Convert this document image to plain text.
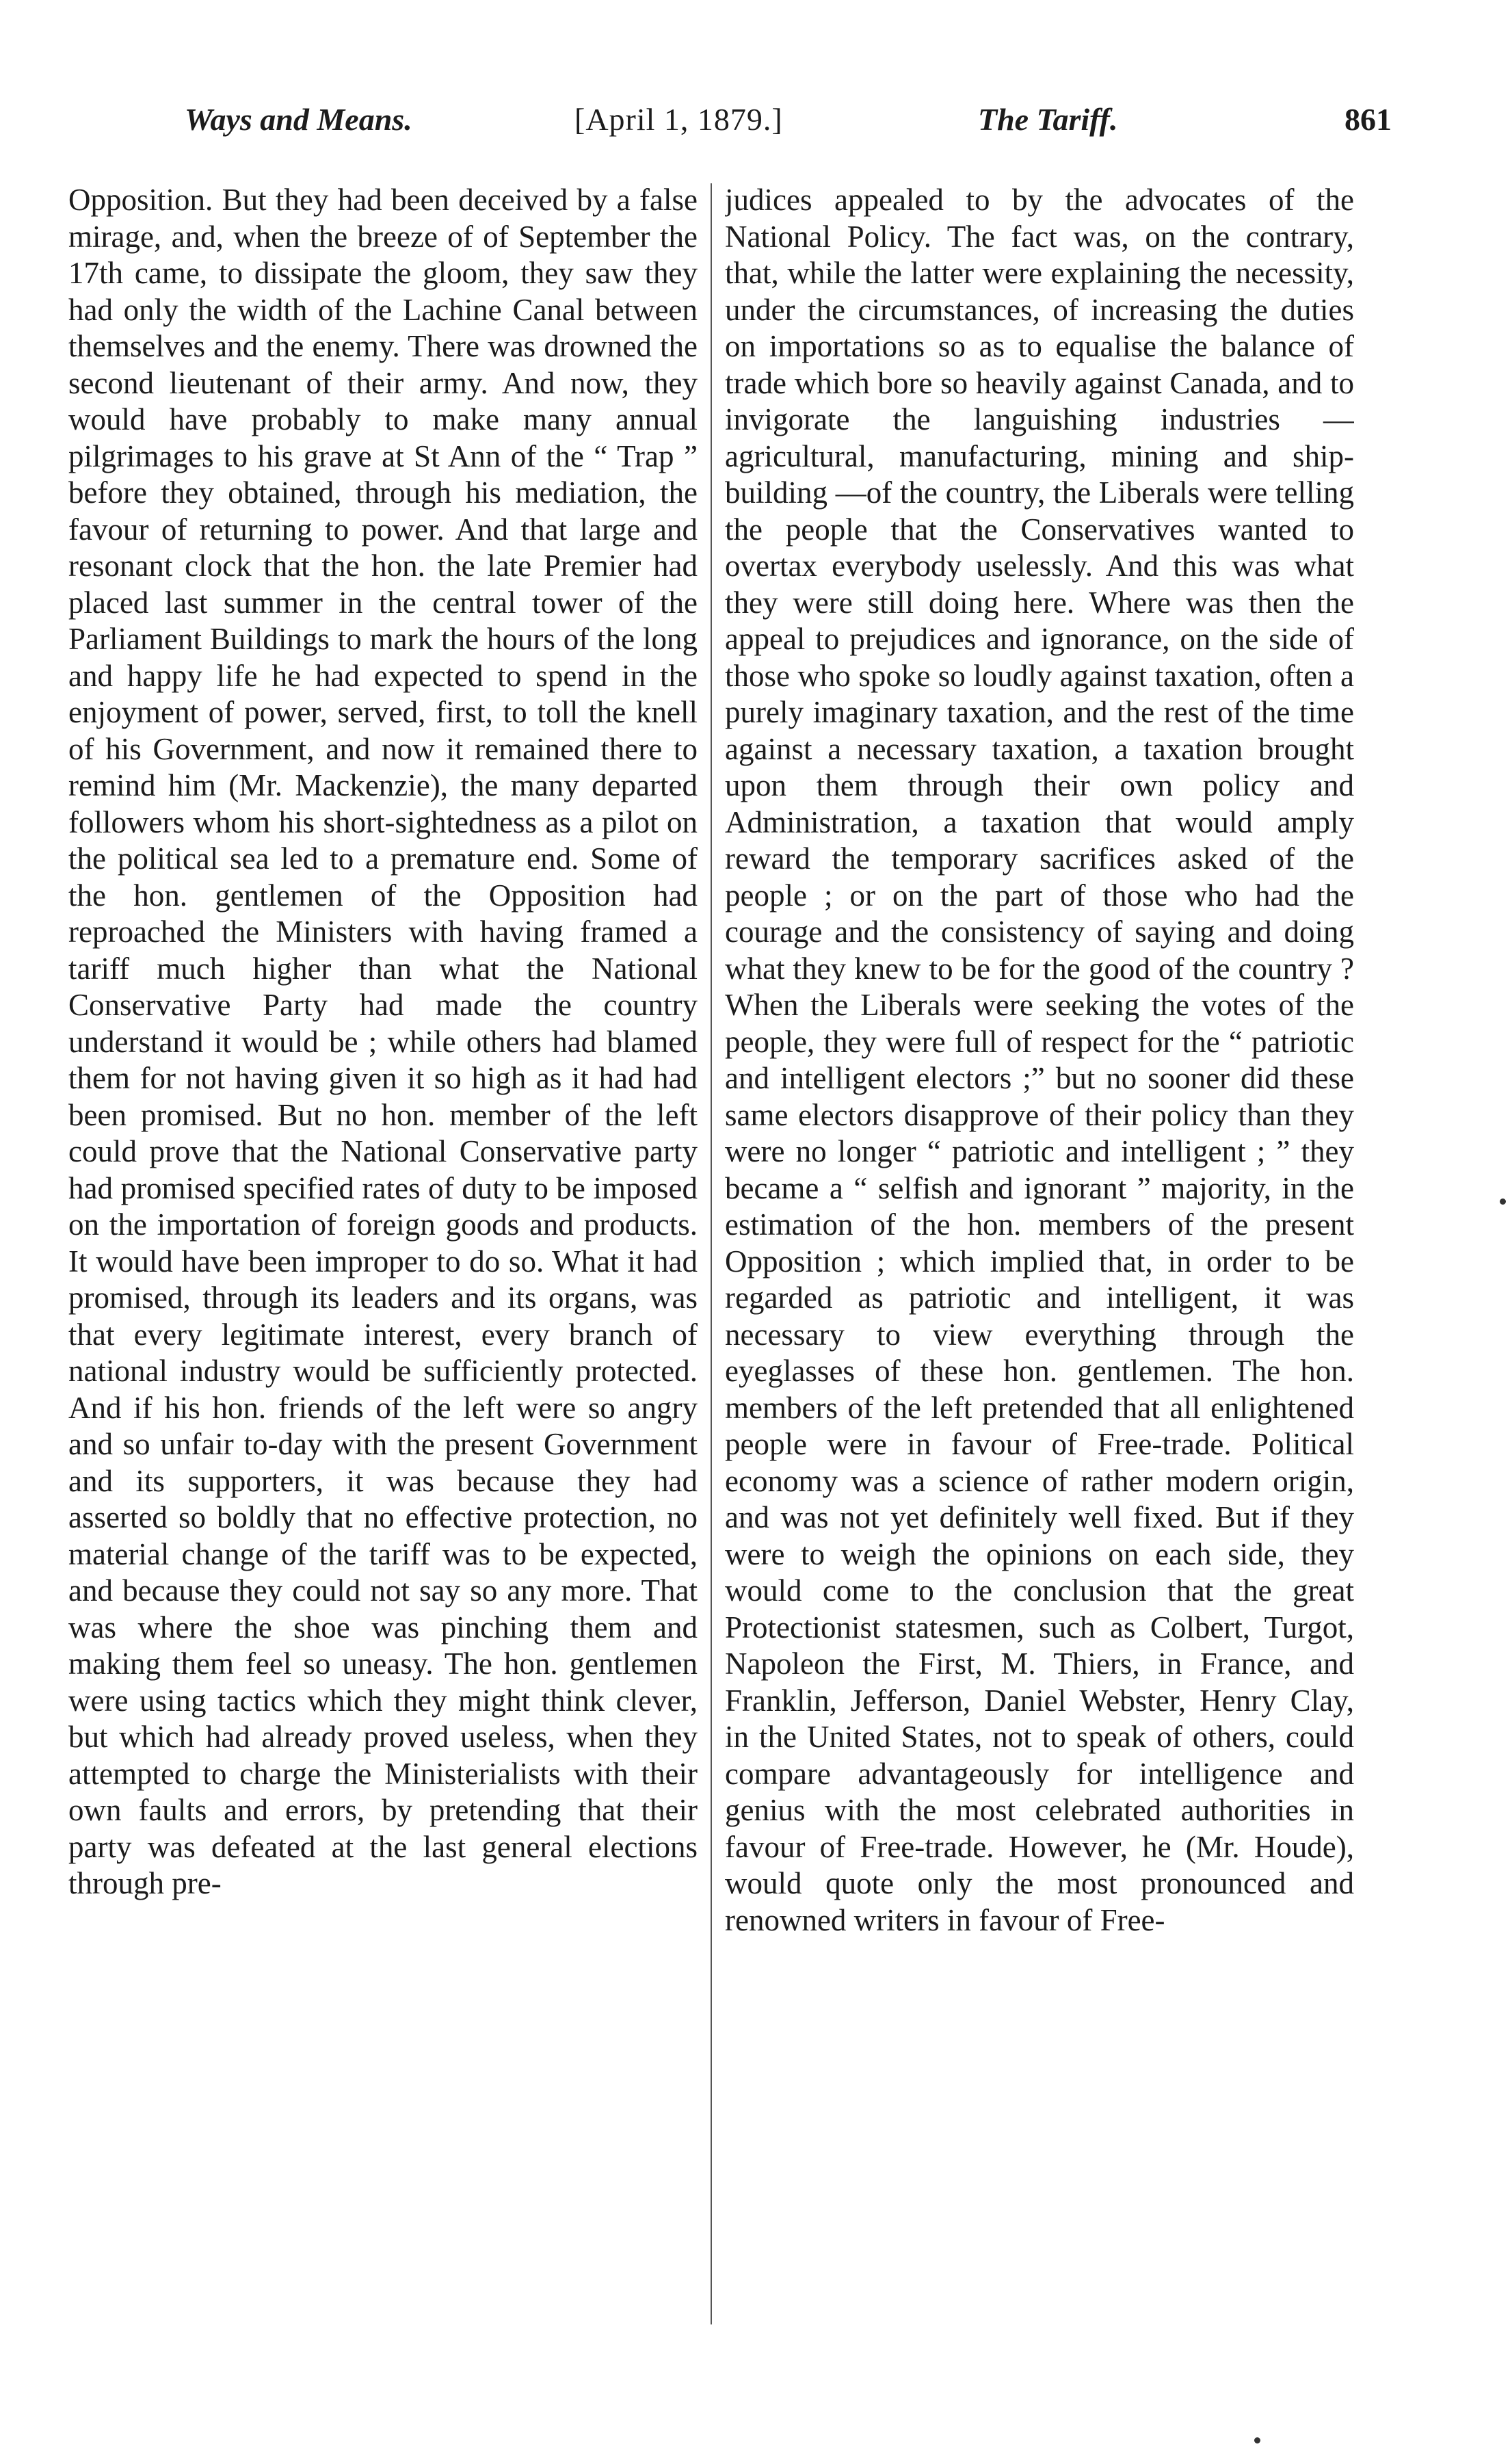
Ways and Means.	[April 1, 1879.]	The Tariff.	861
Opposition. But they had been deceived by a false mirage, and, when the breeze of of September the 17th came, to dissipate the gloom, they saw they had only the width of the Lachine Canal between themselves and the enemy. There was drowned the second lieutenant of their army. And now, they would have probably to make many annual pilgrimages to his grave at St Ann of the “ Trap ” before they obtained, through his mediation, the favour of returning to power. And that large and resonant clock that the hon. the late Premier had placed last summer in the central tower of the Parliament Buildings to mark the hours of the long and happy life he had expected to spend in the enjoyment of power, served, first, to toll the knell of his Government, and now it remained there to remind him (Mr. Mackenzie), the many departed followers whom his short-sightedness as a pilot on the political sea led to a premature end. Some of the hon. gentlemen of the Opposition had reproached the Ministers with having framed a tariff much higher than what the National Conservative Party had made the country understand it would be ; while others had blamed them for not having given it so high as it had had been promised. But no hon. member of the left could prove that the National Conservative party had promised specified rates of duty to be imposed on the importation of foreign goods and products. It would have been improper to do so. What it had promised, through its leaders and its organs, was that every legitimate interest, every branch of national industry would be sufficiently protected. And if his hon. friends of the left were so angry and so unfair to-day with the present Government and its supporters, it was because they had asserted so boldly that no effective protection, no material change of the tariff was to be expected, and because they could not say so any more. That was where the shoe was pinching them and making them feel so uneasy. The hon. gentlemen were using tactics which they might think clever, but which had already proved useless, when they attempted to charge the Ministerialists with their own faults and errors, by pretending that their party was defeated at the last general elections through pre-
judices appealed to by the advocates of the National Policy. The fact was, on the contrary, that, while the latter were explaining the necessity, under the circumstances, of increasing the duties on importations so as to equalise the balance of trade which bore so heavily against Canada, and to invigorate the languishing industries — agricultural, manufacturing, mining and ship-building —of the country, the Liberals were telling the people that the Conservatives wanted to overtax everybody uselessly. And this was what they were still doing here. Where was then the appeal to prejudices and ignorance, on the side of those who spoke so loudly against taxation, often a purely imaginary taxation, and the rest of the time against a necessary taxation, a taxation brought upon them through their own policy and Administration, a taxation that would amply reward the temporary sacrifices asked of the people ; or on the part of those who had the courage and the consistency of saying and doing what they knew to be for the good of the country ? When the Liberals were seeking the votes of the people, they were full of respect for the “ patriotic and intelligent electors ;” but no sooner did these same electors disapprove of their policy than they were no longer “ patriotic and intelligent ; ” they became a “ selfish and ignorant ” majority, in the estimation of the hon. members of the present Opposition ; which implied that, in order to be regarded as patriotic and intelligent, it was necessary to view everything through the eyeglasses of these hon. gentlemen. The hon. members of the left pretended that all enlightened people were in favour of Free-trade. Political economy was a science of rather modern origin, and was not yet definitely well fixed. But if they were to weigh the opinions on each side, they would come to the conclusion that the great Protectionist statesmen, such as Colbert, Turgot, Napoleon the First, M. Thiers, in France, and Franklin, Jefferson, Daniel Webster, Henry Clay, in the United States, not to speak of others, could compare advantageously for intelligence and genius with the most celebrated authorities in favour of Free-trade. However, he (Mr. Houde), would quote only the most pronounced and renowned writers in favour of Free-
